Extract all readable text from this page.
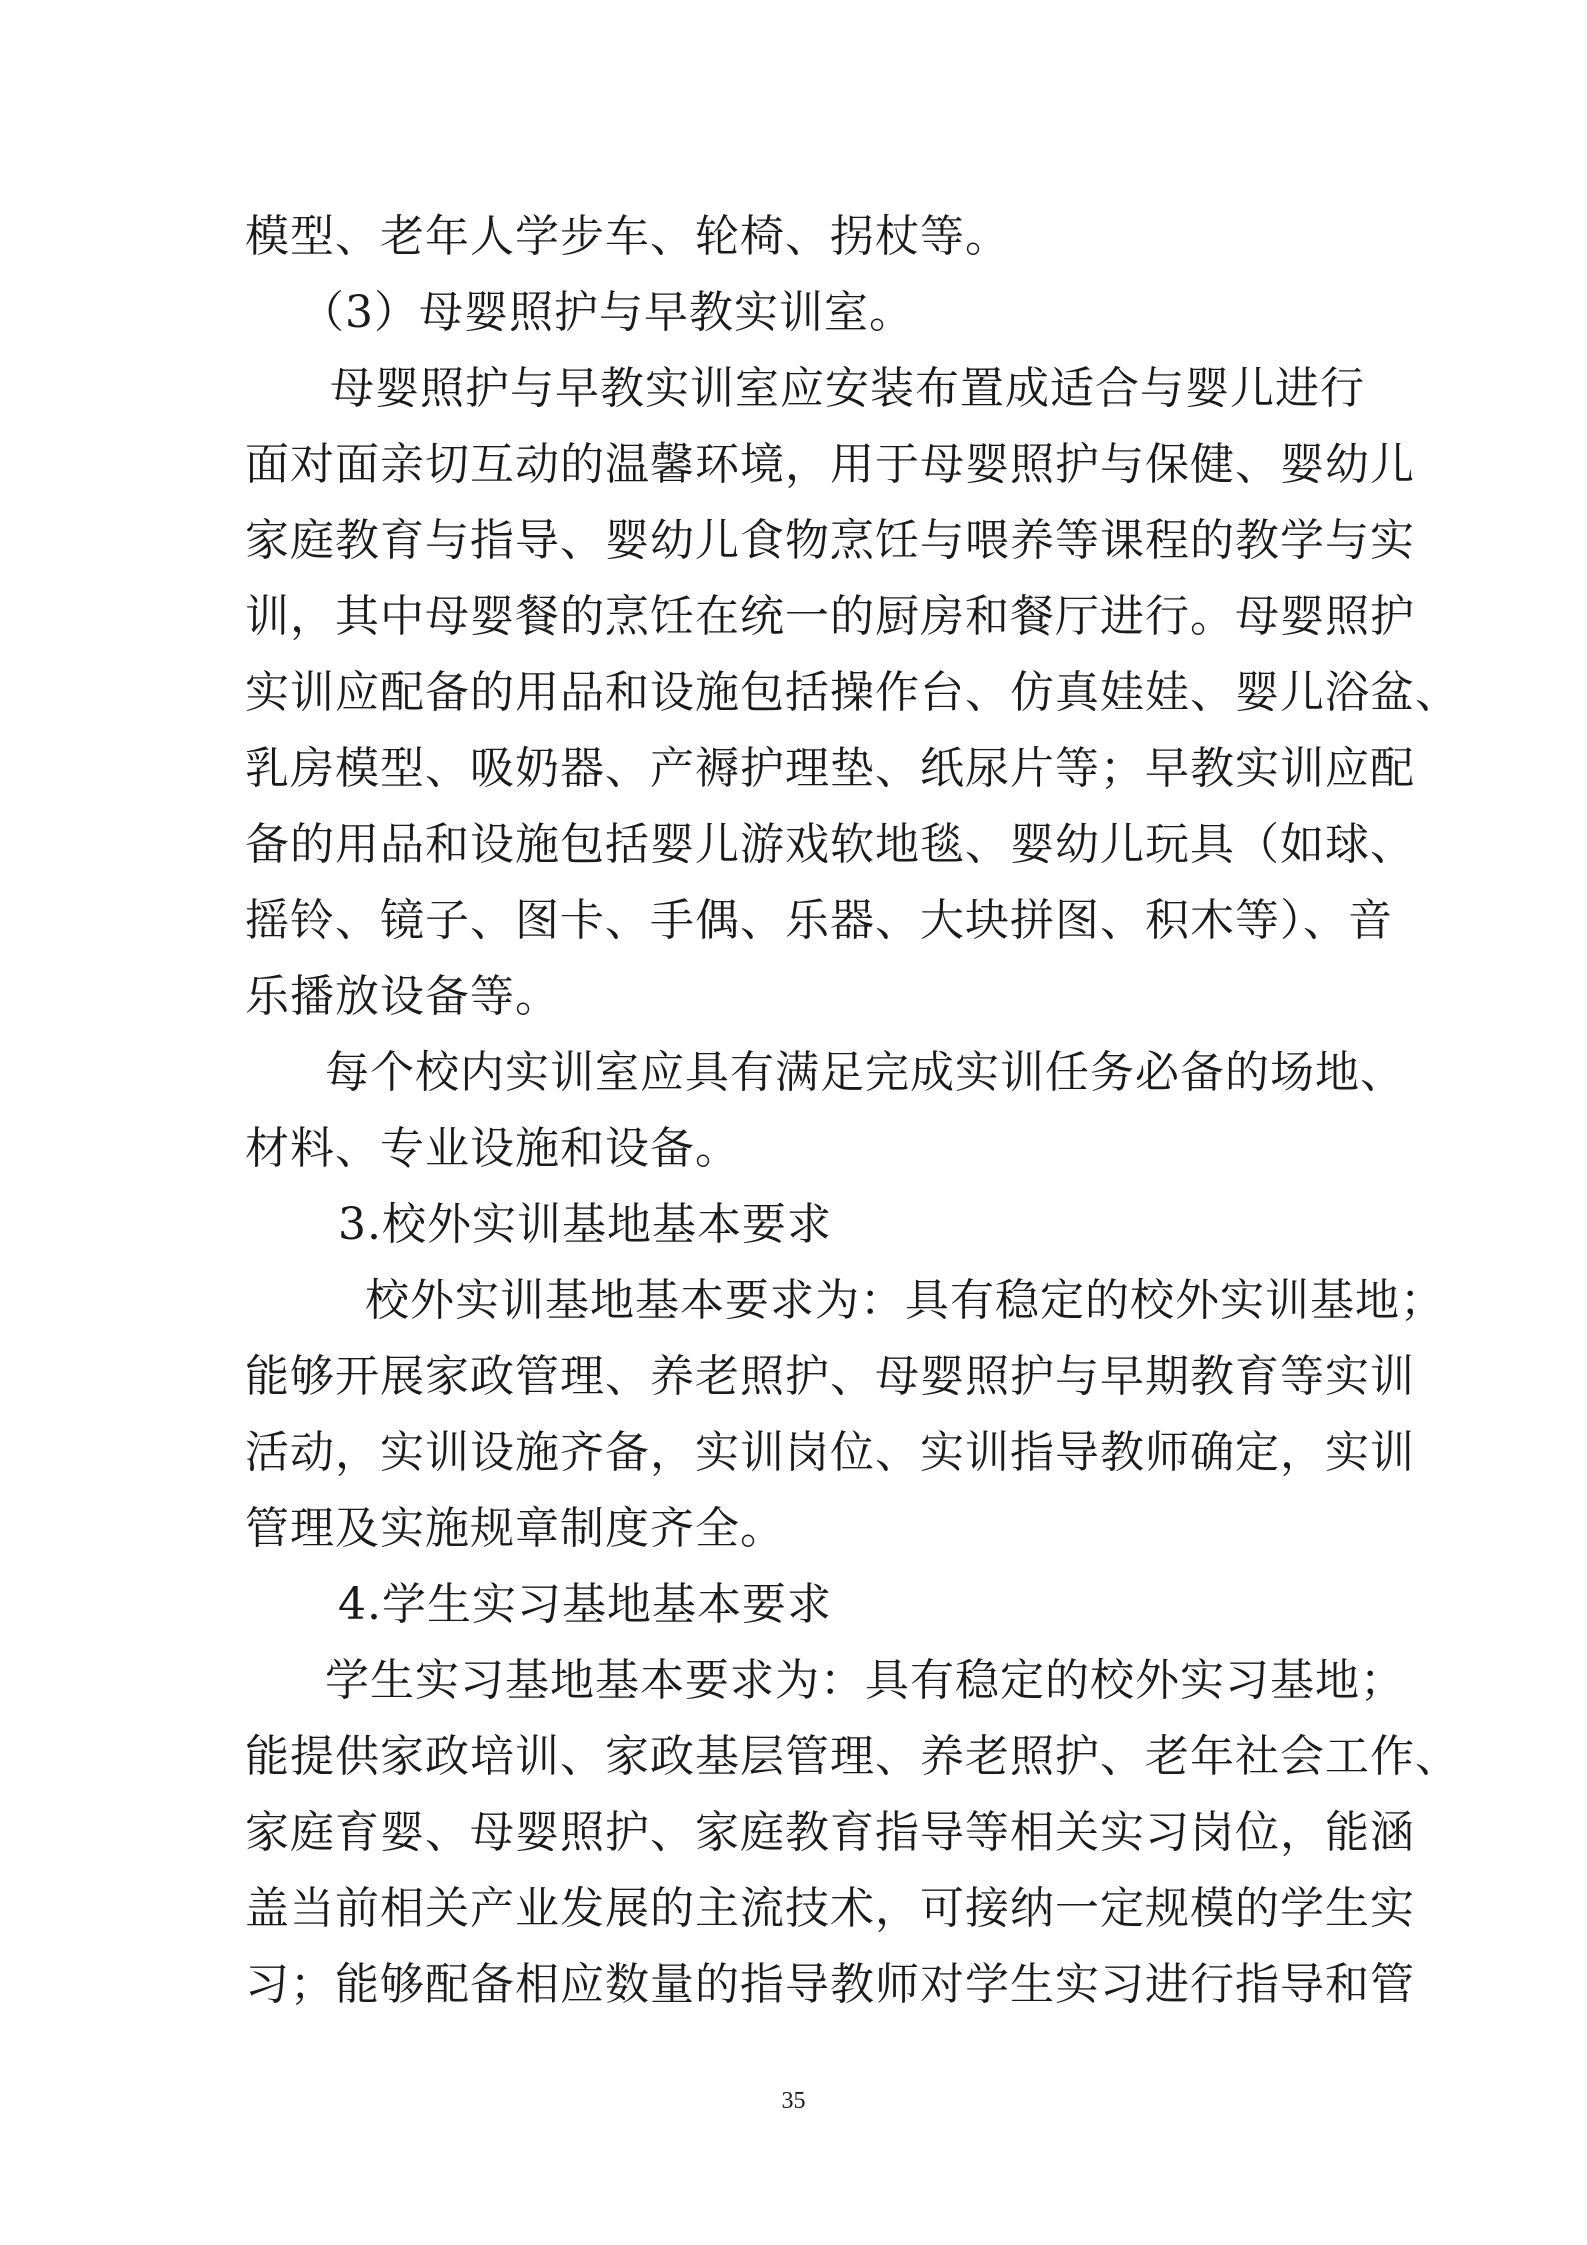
模型、老年人学步车、轮椅、拐杖等。
（3）母婴照护与早教实训室。
母婴照护与早教实训室应安装布置成适合与婴儿进行
面对面亲切互动的温馨环境，用于母婴照护与保健、婴幼儿
家庭教育与指导、婴幼儿食物烹饪与喂养等课程的教学与实
训，其中母婴餐的烹饪在统一的厨房和餐厅进行。母婴照护
实训应配备的用品和设施包括操作台、仿真娃娃、婴儿浴盆、
乳房模型、吸奶器、产褥护理垫、纸尿片等；早教实训应配
备的用品和设施包括婴儿游戏软地毯、婴幼儿玩具（如球、
摇铃、镜子、图卡、手偶、乐器、大块拼图、积木等）、音
乐播放设备等。
每个校内实训室应具有满足完成实训任务必备的场地、
材料、专业设施和设备。
3.校外实训基地基本要求
校外实训基地基本要求为：具有稳定的校外实训基地；
能够开展家政管理、养老照护、母婴照护与早期教育等实训
活动，实训设施齐备，实训岗位、实训指导教师确定，实训
管理及实施规章制度齐全。
4.学生实习基地基本要求
学生实习基地基本要求为：具有稳定的校外实习基地；
能提供家政培训、家政基层管理、养老照护、老年社会工作、
家庭育婴、母婴照护、家庭教育指导等相关实习岗位，能涵
盖当前相关产业发展的主流技术，可接纳一定规模的学生实
习；能够配备相应数量的指导教师对学生实习进行指导和管
35
